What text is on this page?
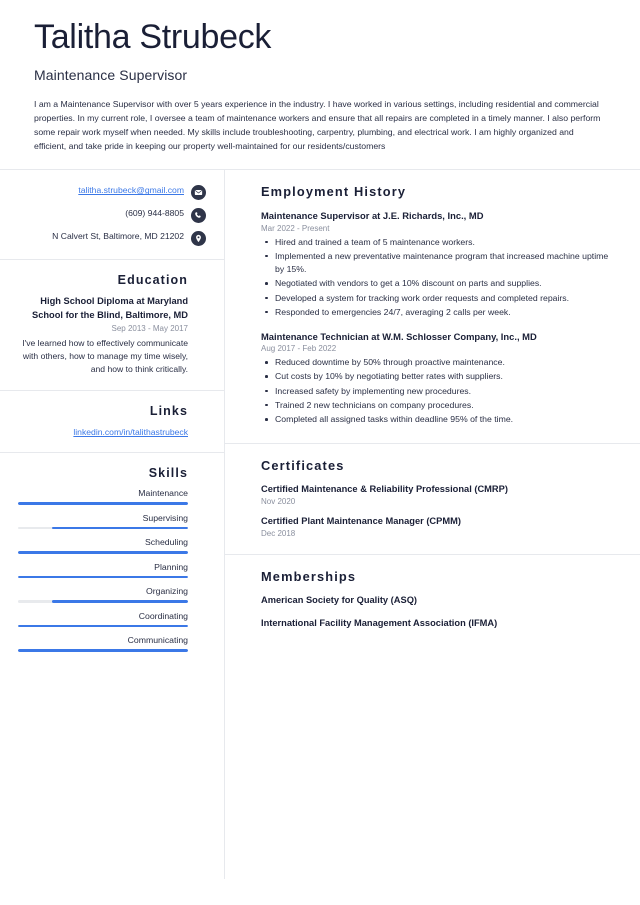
Talitha Strubeck
Maintenance Supervisor
I am a Maintenance Supervisor with over 5 years experience in the industry. I have worked in various settings, including residential and commercial properties. In my current role, I oversee a team of maintenance workers and ensure that all repairs are completed in a timely manner. I also perform some repair work myself when needed. My skills include troubleshooting, carpentry, plumbing, and electrical work. I am highly organized and efficient, and take pride in keeping our property well-maintained for our residents/customers
talitha.strubeck@gmail.com
(609) 944-8805
N Calvert St, Baltimore, MD 21202
Education
High School Diploma at Maryland School for the Blind, Baltimore, MD
Sep 2013 - May 2017
I've learned how to effectively communicate with others, how to manage my time wisely, and how to think critically.
Links
linkedin.com/in/talithastrubeck
Skills
Maintenance
Supervising
Scheduling
Planning
Organizing
Coordinating
Communicating
Employment History
Maintenance Supervisor at J.E. Richards, Inc., MD
Mar 2022 - Present
Hired and trained a team of 5 maintenance workers.
Implemented a new preventative maintenance program that increased machine uptime by 15%.
Negotiated with vendors to get a 10% discount on parts and supplies.
Developed a system for tracking work order requests and completed repairs.
Responded to emergencies 24/7, averaging 2 calls per week.
Maintenance Technician at W.M. Schlosser Company, Inc., MD
Aug 2017 - Feb 2022
Reduced downtime by 50% through proactive maintenance.
Cut costs by 10% by negotiating better rates with suppliers.
Increased safety by implementing new procedures.
Trained 2 new technicians on company procedures.
Completed all assigned tasks within deadline 95% of the time.
Certificates
Certified Maintenance & Reliability Professional (CMRP)
Nov 2020
Certified Plant Maintenance Manager (CPMM)
Dec 2018
Memberships
American Society for Quality (ASQ)
International Facility Management Association (IFMA)
